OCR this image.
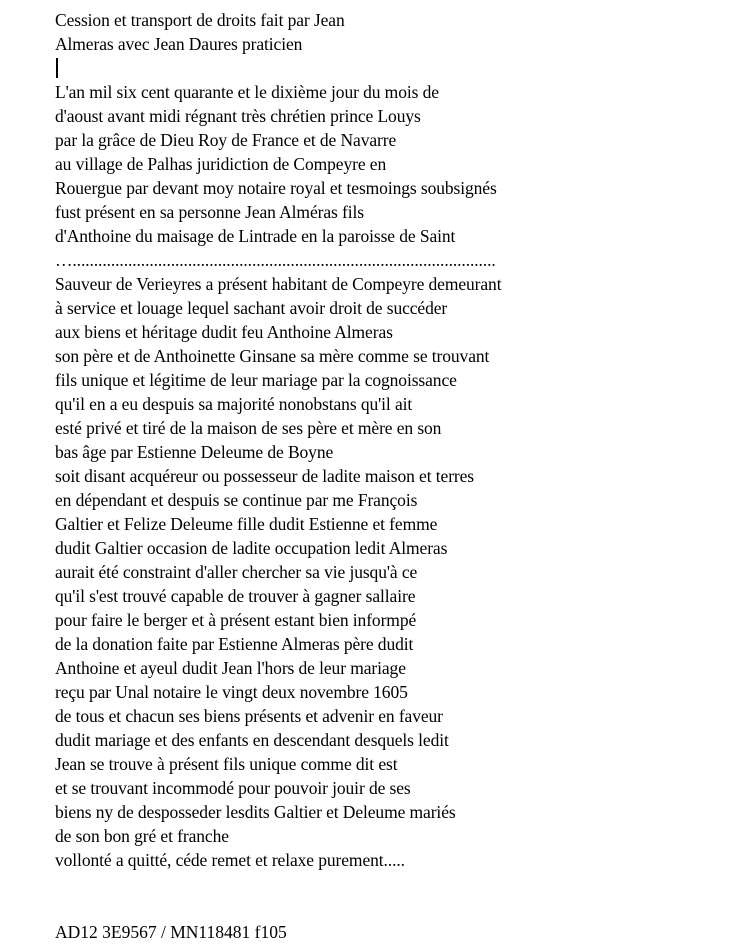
Cession et transport de droits fait par Jean
Almeras avec Jean Daures praticien
L'an mil six cent quarante et le dixième jour du mois de
d'aoust avant midi régnant très chrétien prince Louys
par la grâce de Dieu Roy de France et de Navarre
au village de Palhas juridiction de Compeyre en
Rouergue par devant moy notaire royal et tesmoings soubsignés
fust présent en sa personne Jean Alméras fils
d'Anthoine du maisage de Lintrade en la paroisse de Saint
…...................................................................................................
Sauveur de Verieyres a présent habitant de Compeyre demeurant
à service et louage lequel sachant avoir droit de succéder
aux biens et héritage dudit feu Anthoine Almeras
son père et de Anthoinette Ginsane sa mère comme se trouvant
fils unique et légitime de leur mariage par la cognoissance
qu'il en a eu despuis sa majorité nonobstans qu'il ait
esté privé et tiré de la maison de ses père et mère en son
bas âge par Estienne Deleume de Boyne
soit disant acquéreur ou possesseur de ladite maison et terres
en dépendant et despuis se continue par me François
Galtier et Felize Deleume fille dudit Estienne et femme
dudit Galtier occasion de ladite occupation ledit Almeras
aurait été constraint d'aller chercher sa vie jusqu'à ce
qu'il s'est trouvé capable de trouver à gagner sallaire
pour faire le berger et à présent estant bien informpé
de la donation faite par Estienne Almeras père dudit
Anthoine et ayeul dudit Jean l'hors de leur mariage
reçu par Unal notaire le vingt deux novembre 1605
de tous et chacun ses biens présents et advenir en faveur
dudit mariage et des enfants en descendant desquels ledit
Jean se trouve à présent fils unique comme dit est
et se trouvant incommodé pour pouvoir jouir de ses
biens ny de desposseder lesdits Galtier et Deleume mariés
de son bon gré et franche
vollonté a quitté, céde remet et relaxe purement.....
AD12 3E9567 / MN118481 f105
